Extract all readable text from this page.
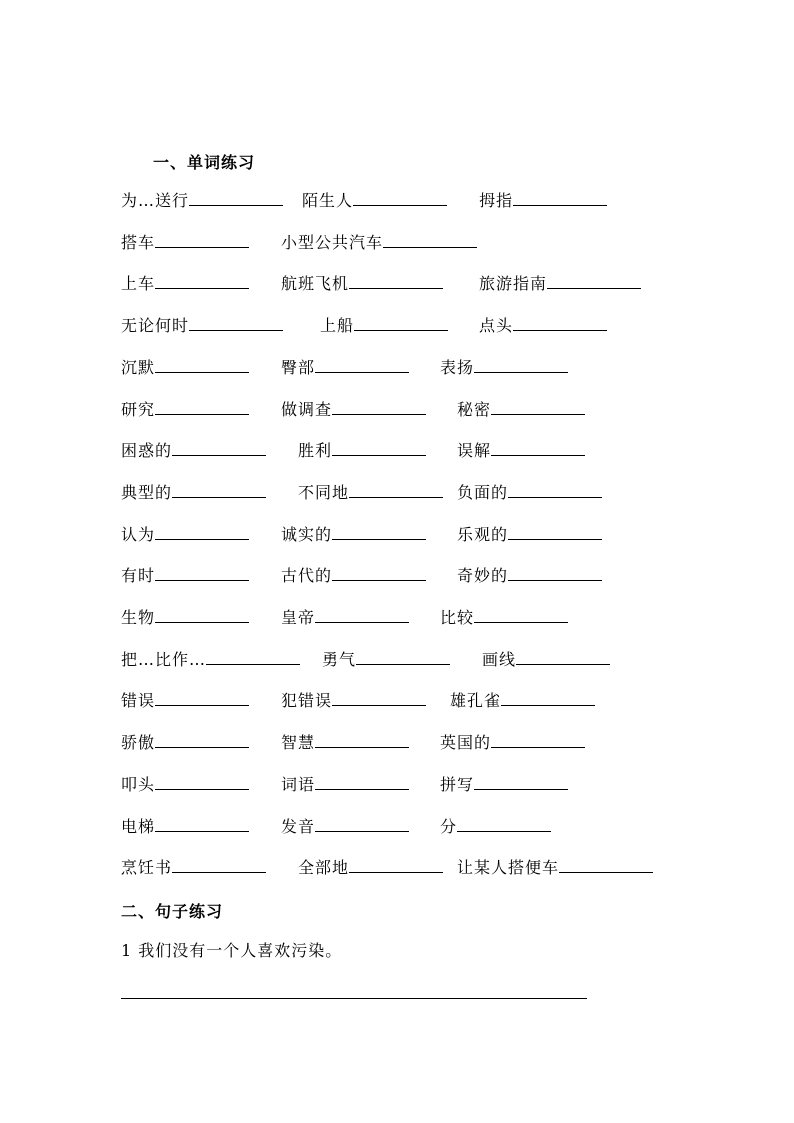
一、单词练习
为…送行	陌生人	拇指
搭车	小型公共汽车
上车	航班飞机	旅游指南
无论何时	上船	点头
沉默	臀部	表扬
研究	做调查	秘密
困惑的	胜利	误解
典型的	不同地	负面的
认为	诚实的	乐观的
有时	古代的	奇妙的
生物	皇帝	比较
把…比作…	勇气	画线
错误	犯错误	雄孔雀
骄傲	智慧	英国的
叩头	词语	拼写
电梯	发音	分
烹饪书	全部地	让某人搭便车
二、句子练习
1 我们没有一个人喜欢污染。
